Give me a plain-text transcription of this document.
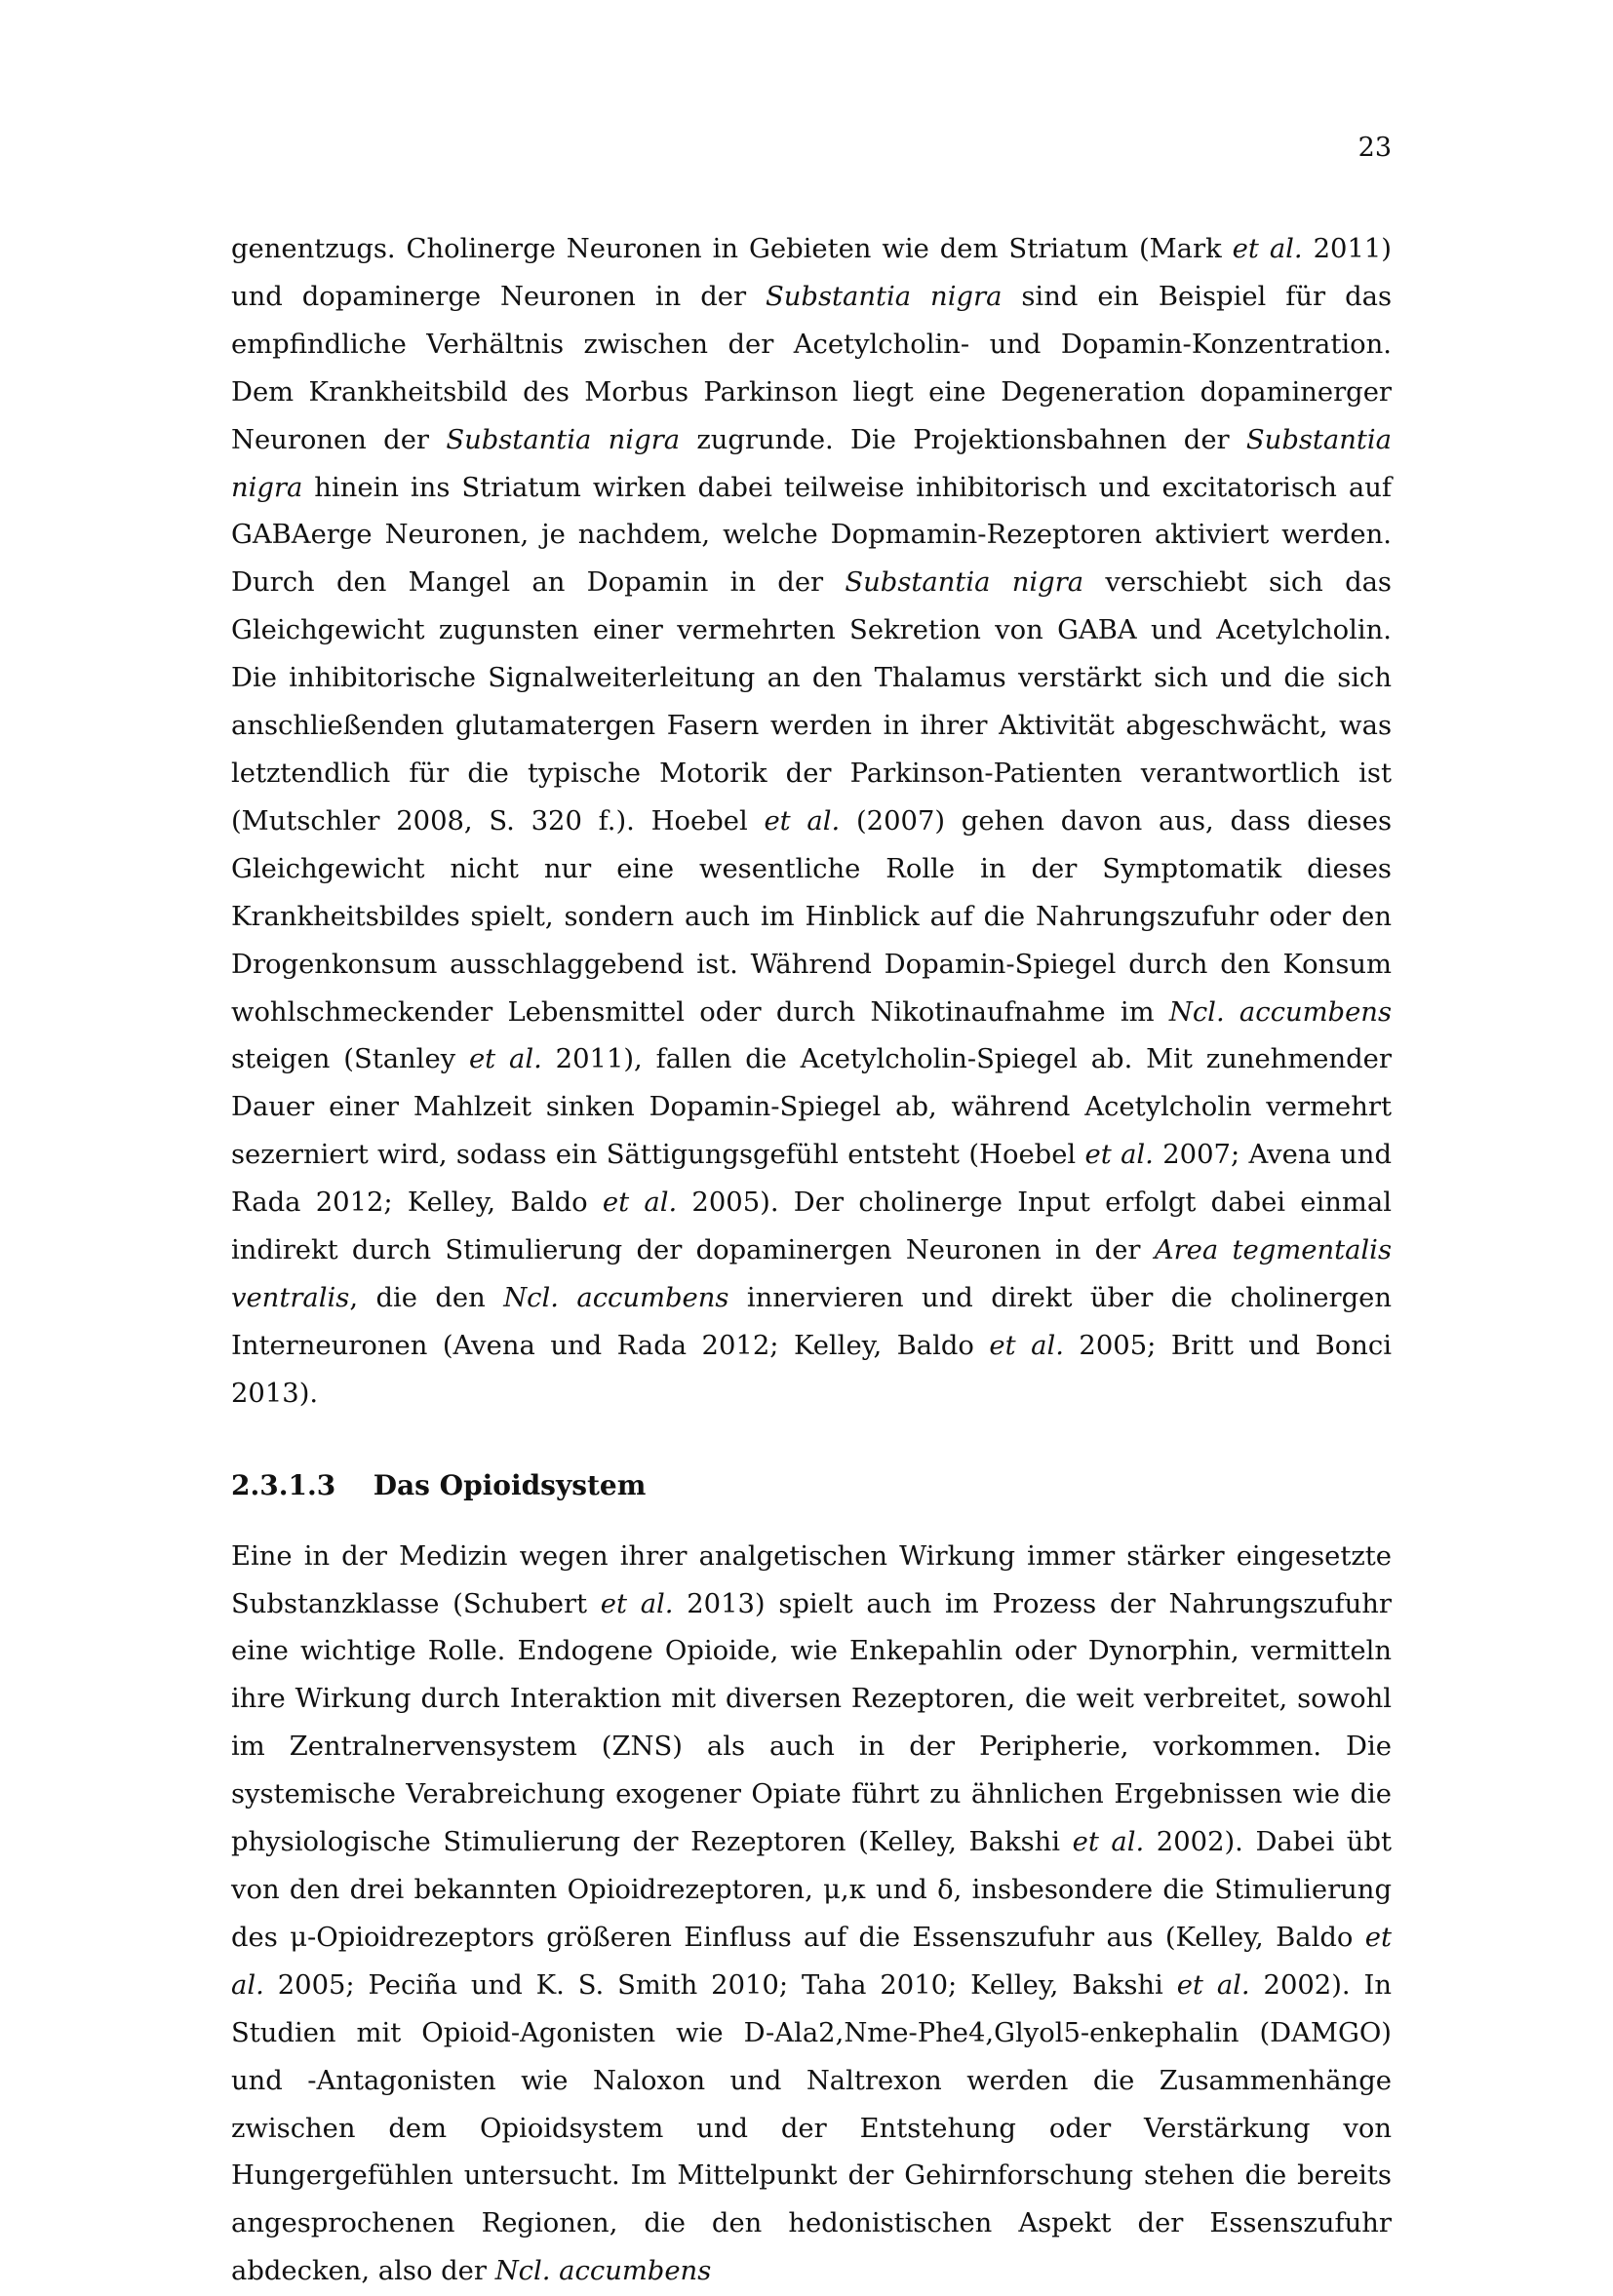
23

genentzugs. Cholinerge Neuronen in Gebieten wie dem Striatum (Mark et al. 2011) und dopaminerge Neuronen in der Substantia nigra sind ein Beispiel für das empfindliche Verhältnis zwischen der Acetylcholin- und Dopamin-Konzentration. Dem Krankheitsbild des Morbus Parkinson liegt eine Degeneration dopaminerger Neuronen der Substantia nigra zugrunde. Die Projektionsbahnen der Substantia nigra hinein ins Striatum wirken dabei teilweise inhibitorisch und excitatorisch auf GABAerge Neuronen, je nachdem, welche Dopmamin-Rezeptoren aktiviert werden. Durch den Mangel an Dopamin in der Substantia nigra verschiebt sich das Gleichgewicht zugunsten einer vermehrten Sekretion von GABA und Acetylcholin. Die inhibitorische Signalweiterleitung an den Thalamus verstärkt sich und die sich anschließenden glutamatergen Fasern werden in ihrer Aktivität abgeschwächt, was letztendlich für die typische Motorik der Parkinson-Patienten verantwortlich ist (Mutschler 2008, S. 320 f.). Hoebel et al. (2007) gehen davon aus, dass dieses Gleichgewicht nicht nur eine wesentliche Rolle in der Symptomatik dieses Krankheitsbildes spielt, sondern auch im Hinblick auf die Nahrungszufuhr oder den Drogenkonsum ausschlaggebend ist. Während Dopamin-Spiegel durch den Konsum wohlschmeckender Lebensmittel oder durch Nikotinaufnahme im Ncl. accumbens steigen (Stanley et al. 2011), fallen die Acetylcholin-Spiegel ab. Mit zunehmender Dauer einer Mahlzeit sinken Dopamin-Spiegel ab, während Acetylcholin vermehrt sezerniert wird, sodass ein Sättigungsgefühl entsteht (Hoebel et al. 2007; Avena und Rada 2012; Kelley, Baldo et al. 2005). Der cholinerge Input erfolgt dabei einmal indirekt durch Stimulierung der dopaminergen Neuronen in der Area tegmentalis ventralis, die den Ncl. accumbens innervieren und direkt über die cholinergen Interneuronen (Avena und Rada 2012; Kelley, Baldo et al. 2005; Britt und Bonci 2013).

2.3.1.3 Das Opioidsystem

Eine in der Medizin wegen ihrer analgetischen Wirkung immer stärker eingesetzte Substanzklasse (Schubert et al. 2013) spielt auch im Prozess der Nahrungszufuhr eine wichtige Rolle. Endogene Opioide, wie Enkepahlin oder Dynorphin, vermitteln ihre Wirkung durch Interaktion mit diversen Rezeptoren, die weit verbreitet, sowohl im Zentralnervensystem (ZNS) als auch in der Peripherie, vorkommen. Die systemische Verabreichung exogener Opiate führt zu ähnlichen Ergebnissen wie die physiologische Stimulierung der Rezeptoren (Kelley, Bakshi et al. 2002). Dabei übt von den drei bekannten Opioidrezeptoren, μ,κ und δ, insbesondere die Stimulierung des μ-Opioidrezeptors größeren Einfluss auf die Essenszufuhr aus (Kelley, Baldo et al. 2005; Peciña und K. S. Smith 2010; Taha 2010; Kelley, Bakshi et al. 2002). In Studien mit Opioid-Agonisten wie D-Ala2,Nme-Phe4,Glyol5-enkephalin (DAMGO) und -Antagonisten wie Naloxon und Naltrexon werden die Zusammenhänge zwischen dem Opioidsystem und der Entstehung oder Verstärkung von Hungergefühlen untersucht. Im Mittelpunkt der Gehirnforschung stehen die bereits angesprochenen Regionen, die den hedonistischen Aspekt der Essenszufuhr abdecken, also der Ncl. accumbens
